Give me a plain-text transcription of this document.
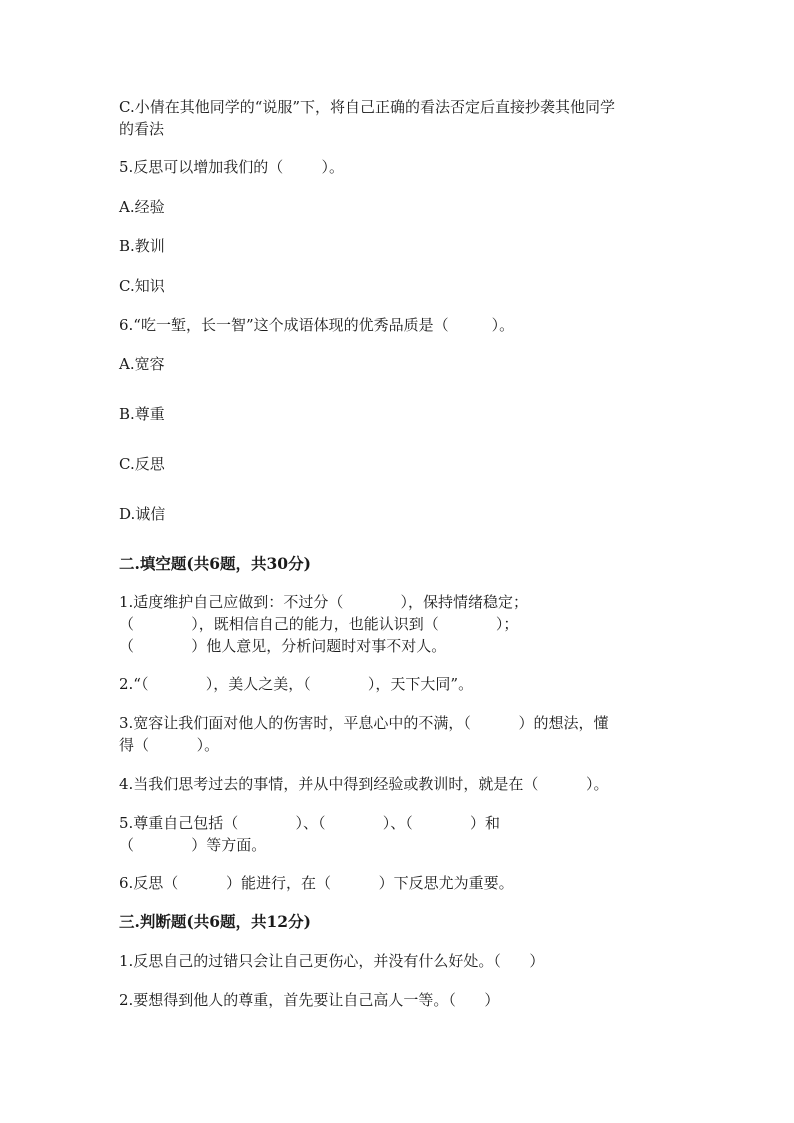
C.小倩在其他同学的“说服”下，将自己正确的看法否定后直接抄袭其他同学
的看法
5.反思可以增加我们的（        ）。
A.经验
B.教训
C.知识
6.“吃一堑，长一智”这个成语体现的优秀品质是（         ）。
A.宽容
B.尊重
C.反思
D.诚信
二.填空题(共6题，共30分)
1.适度维护自己应做到：不过分（            ），保持情绪稳定；
（            ），既相信自己的能力，也能认识到（            ）；
（            ）他人意见，分析问题时对事不对人。
2.“（            ），美人之美，（            ），天下大同”。
3.宽容让我们面对他人的伤害时，平息心中的不满，（          ）的想法，懂
得（          ）。
4.当我们思考过去的事情，并从中得到经验或教训时，就是在（          ）。
5.尊重自己包括（            ）、（            ）、（            ）和
（            ）等方面。
6.反思（          ）能进行，在（          ）下反思尤为重要。
三.判断题(共6题，共12分)
1.反思自己的过错只会让自己更伤心，并没有什么好处。（      ）
2.要想得到他人的尊重，首先要让自己高人一等。（      ）
